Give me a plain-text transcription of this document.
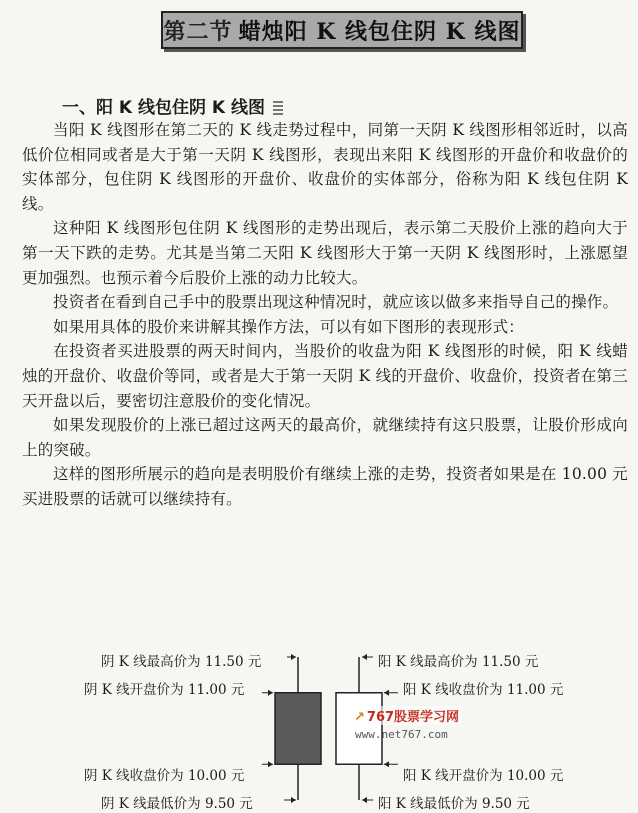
第二节 蜡烛阳 K 线包住阴 K 线图
一、阳 K 线包住阴 K 线图

当阳 K 线图形在第二天的 K 线走势过程中，同第一天阴 K 线图形相邻近时，以高低价位相同或者是大于第一天阴 K 线图形，表现出来阳 K 线图形的开盘价和收盘价的实体部分，包住阴 K 线图形的开盘价、收盘价的实体部分，俗称为阳 K 线包住阴 K 线。

这种阳 K 线图形包住阴 K 线图形的走势出现后，表示第二天股价上涨的趋向大于第一天下跌的走势。尤其是当第二天阳 K 线图形大于第一天阴 K 线图形时，上涨愿望更加强烈。也预示着今后股价上涨的动力比较大。

投资者在看到自己手中的股票出现这种情况时，就应该以做多来指导自己的操作。

如果用具体的股价来讲解其操作方法，可以有如下图形的表现形式：

在投资者买进股票的两天时间内，当股价的收盘为阳 K 线图形的时候，阳 K 线蜡烛的开盘价、收盘价等同，或者是大于第一天阴 K 线的开盘价、收盘价，投资者在第三天开盘以后，要密切注意股价的变化情况。

如果发现股价的上涨已超过这两天的最高价，就继续持有这只股票，让股价形成向上的突破。

这样的图形所展示的趋向是表明股价有继续上涨的走势，投资者如果是在 10.00 元买进股票的话就可以继续持有。

阴 K 线最高价为 11.50 元
阴 K 线开盘价为 11.00 元
阴 K 线收盘价为 10.00 元
阴 K 线最低价为 9.50 元
阳 K 线最高价为 11.50 元
阳 K 线收盘价为 11.00 元
阳 K 线开盘价为 10.00 元
阳 K 线最低价为 9.50 元
↗ 767股票学习网
www.net767.com
